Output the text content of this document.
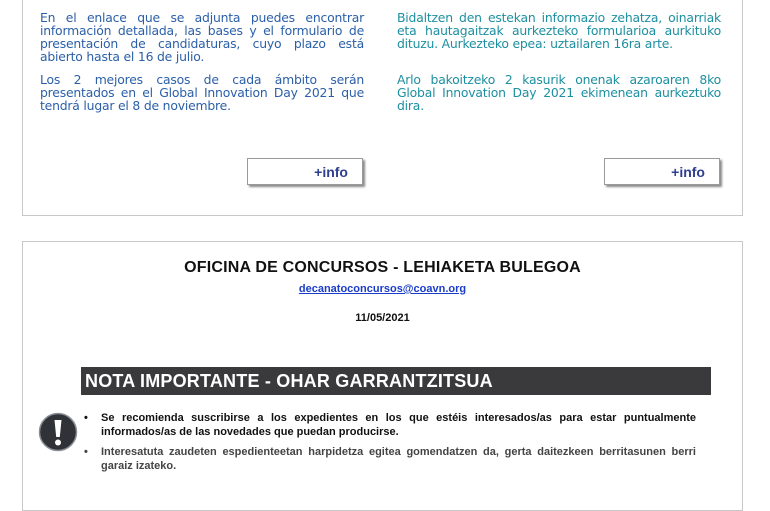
En el enlace que se adjunta puedes encontrar información detallada, las bases y el formulario de presentación de candidaturas, cuyo plazo está abierto hasta el 16 de julio.

Los 2 mejores casos de cada ámbito serán presentados en el Global Innovation Day 2021 que tendrá lugar el 8 de noviembre.

Bidaltzen den estekan informazio zehatza, oinarriak eta hautagaitzak aurkezteko formularioa aurkituko dituzu. Aurkezteko epea: uztailaren 16ra arte.

Arlo bakoitzeko 2 kasurik onenak azaroaren 8ko Global Innovation Day 2021 ekimenean aurkeztuko dira.

+info	+info

OFICINA DE CONCURSOS - LEHIAKETA BULEGOA

decanatoconcursos@coavn.org

11/05/2021

NOTA IMPORTANTE - OHAR GARRANTZITSUA
• Se recomienda suscribirse a los expedientes en los que estéis interesados/as para estar puntualmente informados/as de las novedades que puedan producirse.
• Interesatuta zaudeten espedienteetan harpidetza egitea gomendatzen da, gerta daitezkeen berritasunen berri garaiz izateko.
